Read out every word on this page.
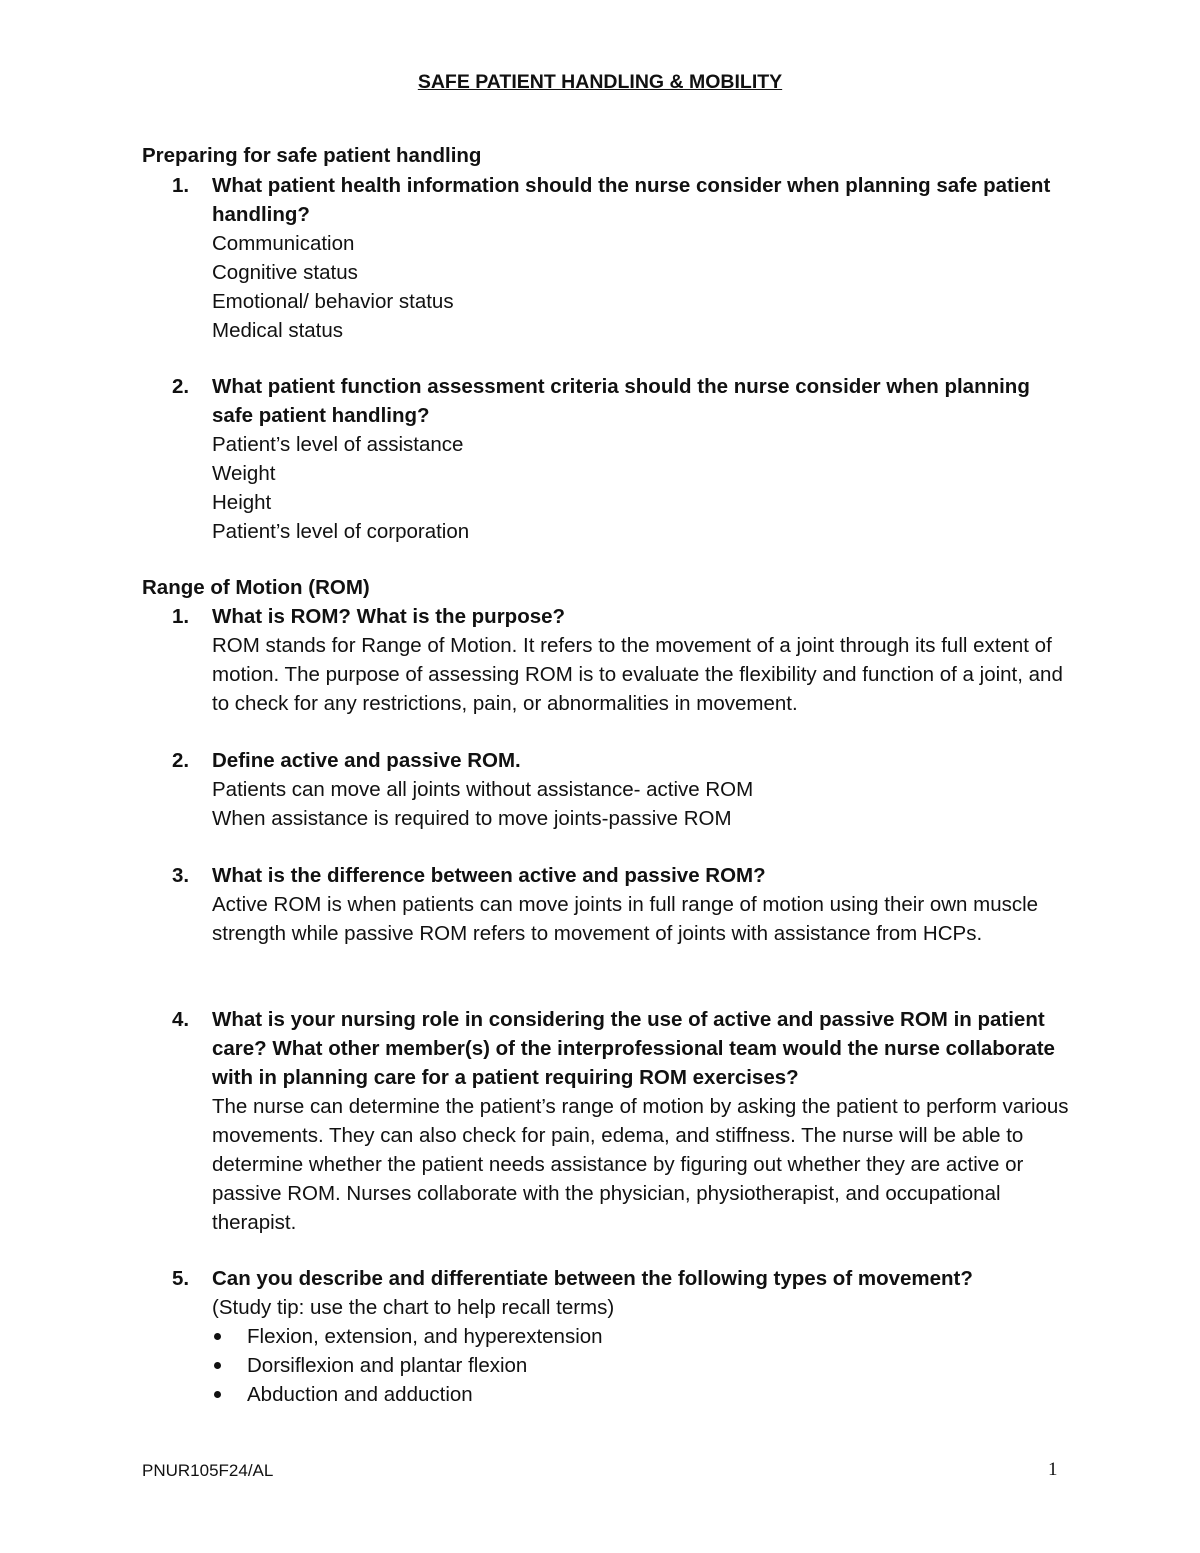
SAFE PATIENT HANDLING & MOBILITY
Preparing for safe patient handling
1. What patient health information should the nurse consider when planning safe patient handling?
Communication
Cognitive status
Emotional/ behavior status
Medical status
2. What patient function assessment criteria should the nurse consider when planning safe patient handling?
Patient’s level of assistance
Weight
Height
Patient’s level of corporation
Range of Motion (ROM)
1. What is ROM? What is the purpose?
ROM stands for Range of Motion. It refers to the movement of a joint through its full extent of motion. The purpose of assessing ROM is to evaluate the flexibility and function of a joint, and to check for any restrictions, pain, or abnormalities in movement.
2. Define active and passive ROM.
Patients can move all joints without assistance- active ROM
When assistance is required to move joints-passive ROM
3. What is the difference between active and passive ROM?
Active ROM is when patients can move joints in full range of motion using their own muscle strength while passive ROM refers to movement of joints with assistance from HCPs.
4. What is your nursing role in considering the use of active and passive ROM in patient care? What other member(s) of the interprofessional team would the nurse collaborate with in planning care for a patient requiring ROM exercises?
The nurse can determine the patient’s range of motion by asking the patient to perform various movements. They can also check for pain, edema, and stiffness. The nurse will be able to determine whether the patient needs assistance by figuring out whether they are active or passive ROM. Nurses collaborate with the physician, physiotherapist, and occupational therapist.
5. Can you describe and differentiate between the following types of movement?
(Study tip: use the chart to help recall terms)
Flexion, extension, and hyperextension
Dorsiflexion and plantar flexion
Abduction and adduction
PNUR105F24/AL	1
